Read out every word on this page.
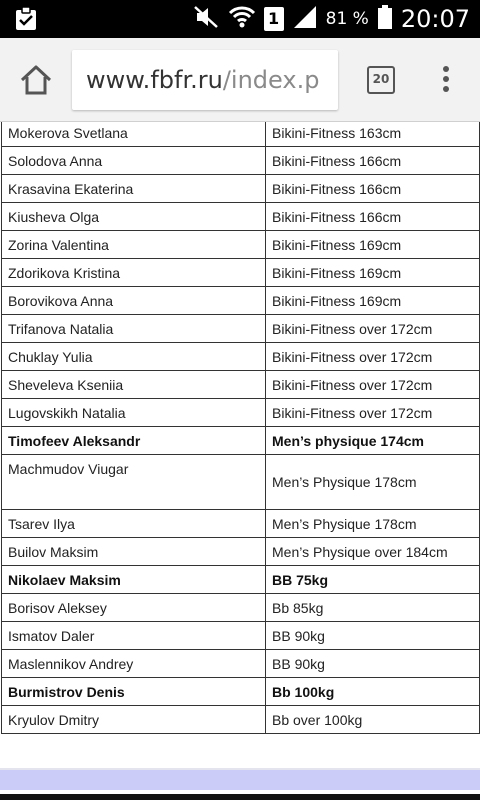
1	81 % 20:07
www.fbfr.ru/index.p	20
Mokerova Svetlana	Bikini-Fitness 163cm
Solodova Anna	Bikini-Fitness 166cm
Krasavina Ekaterina	Bikini-Fitness 166cm
Kiusheva Olga	Bikini-Fitness 166cm
Zorina Valentina	Bikini-Fitness 169cm
Zdorikova Kristina	Bikini-Fitness 169cm
Borovikova Anna	Bikini-Fitness 169cm
Trifanova Natalia	Bikini-Fitness over 172cm
Chuklay Yulia	Bikini-Fitness over 172cm
Sheveleva Kseniia	Bikini-Fitness over 172cm
Lugovskikh Natalia	Bikini-Fitness over 172cm
Timofeev Aleksandr	Men’s physique 174cm
Machmudov Viugar	Men’s Physique 178cm
Tsarev Ilya	Men’s Physique 178cm
Builov Maksim	Men’s Physique over 184cm
Nikolaev Maksim	BB 75kg
Borisov Aleksey	Bb 85kg
Ismatov Daler	BB 90kg
Maslennikov Andrey	BB 90kg
Burmistrov Denis	Bb 100kg
Kryulov Dmitry	Bb over 100kg
